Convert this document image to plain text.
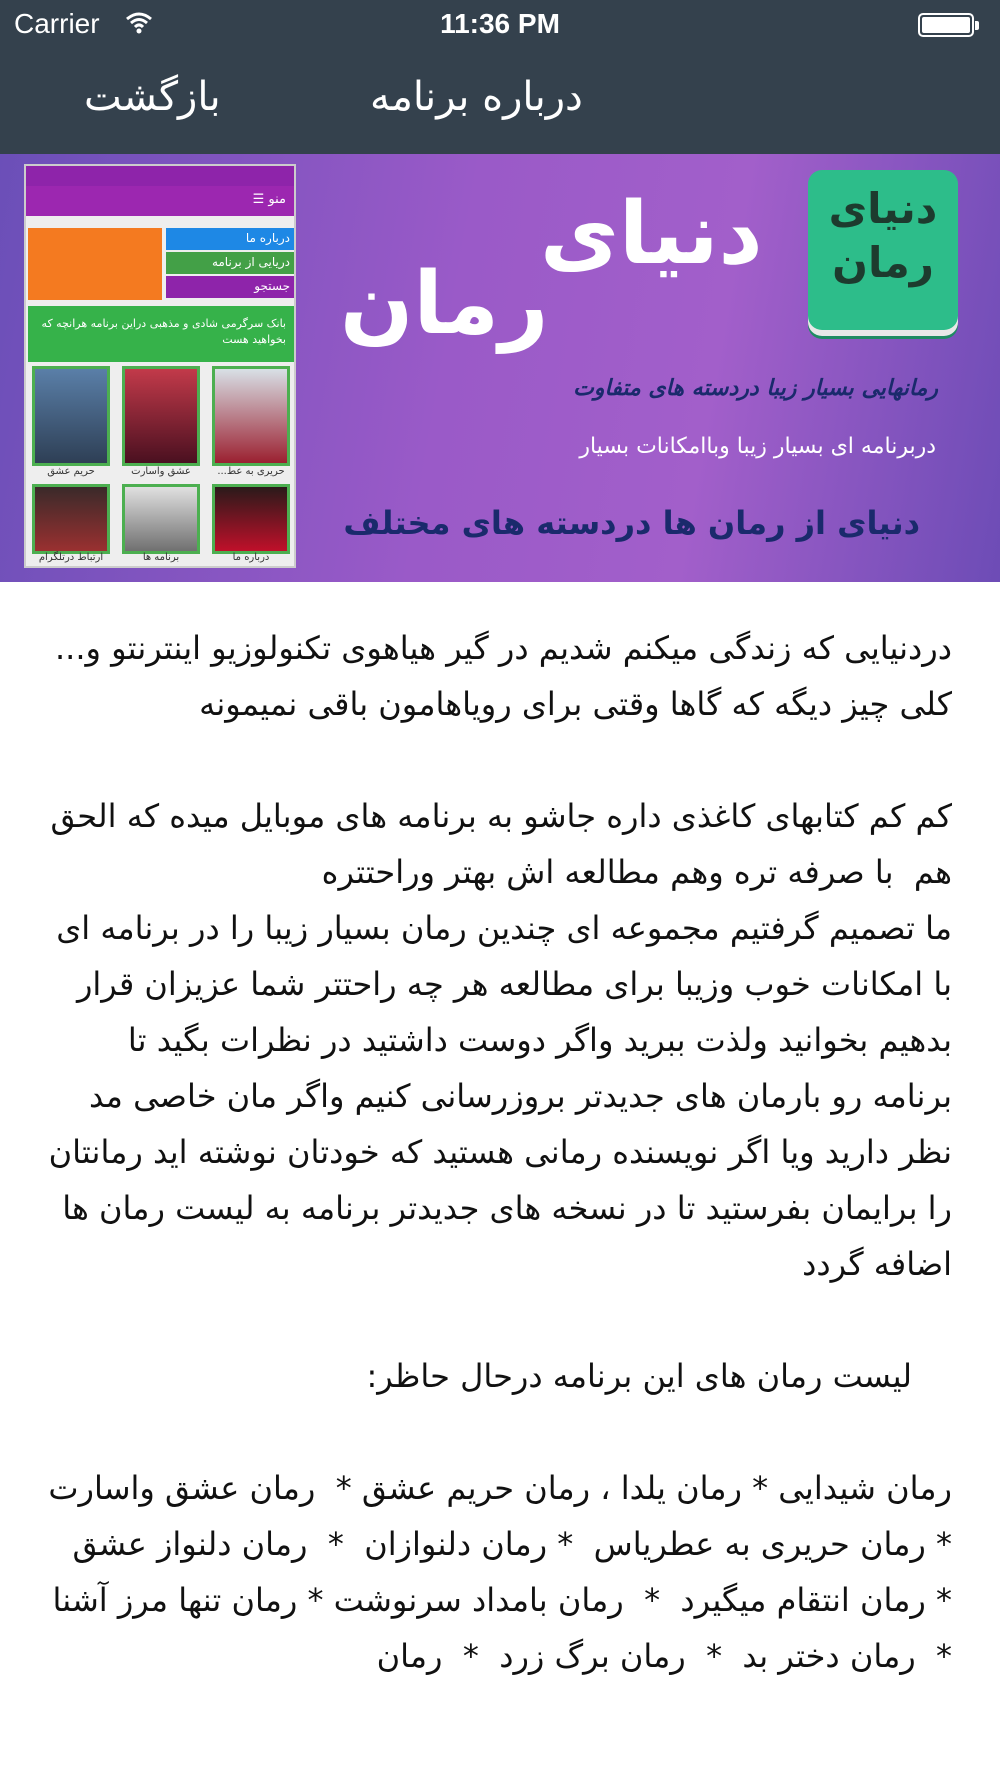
Carrier	11:36 PM
بازگشت	درباره برنامه
منو ☰
درباره ما
دریایی از برنامه
جستجو
بانک سرگرمی شادی و مذهبی دراین برنامه هرانچه که بخواهید هست
حریم عشق	عشق واسارت	حریری به عط...
ارتباط درتلگرام	برنامه ها	درباره ما
دنیای
رمان
دنیای
رمان
رمانهایی بسیار زیبا دردسته های متفاوت
دربرنامه ای بسیار زیبا وباامکانات بسیار
دنیای از رمان ها دردسته های مختلف

دردنیایی که زندگی میکنم شدیم در گیر هیاهوی تکنولوزیو اینترنتو و... کلی چیز دیگه که گاها وقتی برای رویاهامون باقی نمیمونه

کم کم کتابهای کاغذی داره جاشو به برنامه های موبایل میده که الحق هم  با صرفه تره وهم مطالعه اش بهتر وراحتتره
ما تصمیم گرفتیم مجموعه ای چندین رمان بسیار زیبا را در برنامه ای با امکانات خوب وزیبا برای مطالعه هر چه راحتتر شما عزیزان قرار بدهیم بخوانید ولذت ببرید واگر دوست داشتید در نظرات بگید تا برنامه رو بارمان های جدیدتر بروزرسانی کنیم واگر مان خاصی مد نظر دارید ویا اگر نویسنده رمانی هستید که خودتان نوشته اید رمانتان را برایمان بفرستید تا در نسخه های جدیدتر برنامه به لیست رمان ها اضافه گردد

لیست رمان های این برنامه درحال حاظر:

رمان شیدایی * رمان یلدا ، رمان حریم عشق *  رمان عشق واسارت  * رمان حریری به عطریاس  * رمان دلنوازان  *  رمان دلنواز عشق  * رمان انتقام میگیرد  *  رمان بامداد سرنوشت * رمان تنها مرز آشنا  *  رمان دختر بد  *  رمان برگ زرد  *  رمان
